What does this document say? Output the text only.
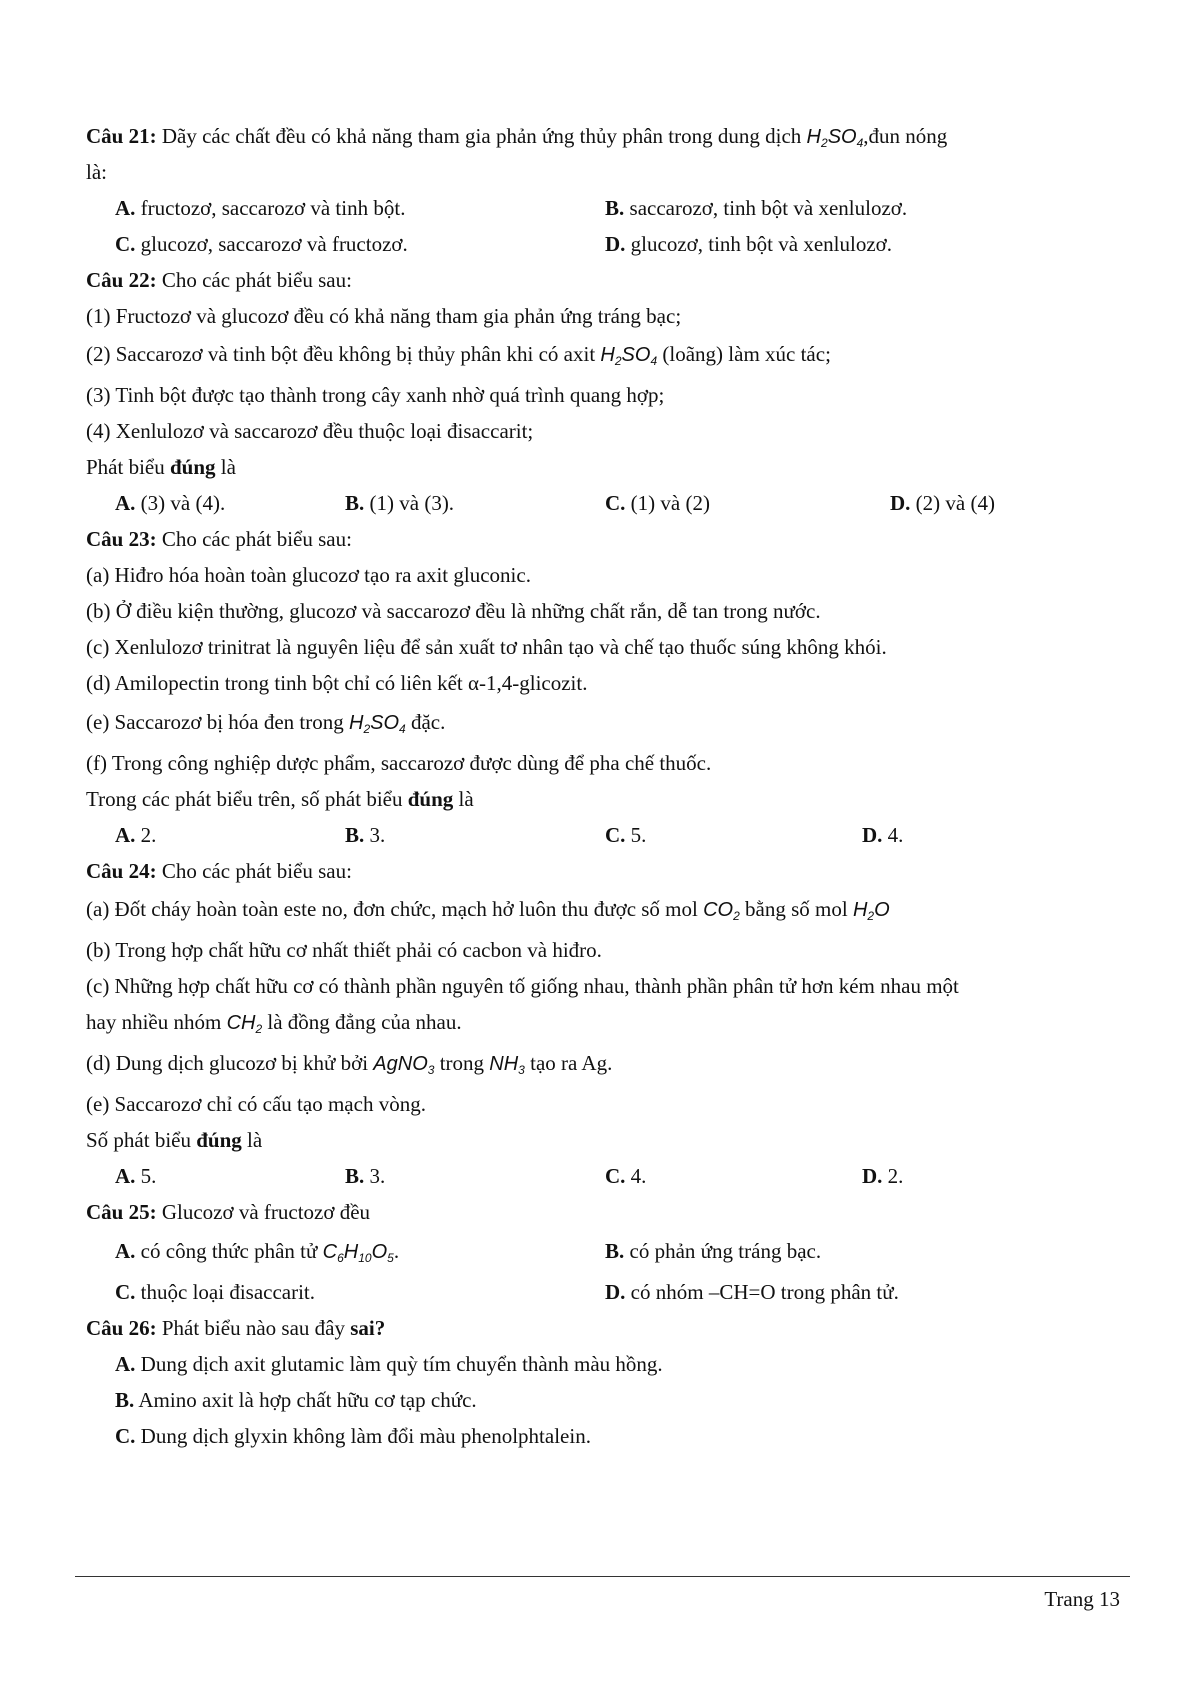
Câu 21: Dãy các chất đều có khả năng tham gia phản ứng thủy phân trong dung dịch $H_2SO_4,đun$ nóng
là:
A. fructozơ, saccarozơ và tinh bột.	B. saccarozơ, tinh bột và xenlulozơ.
C. glucozơ, saccarozơ và fructozơ.	D. glucozơ, tinh bột và xenlulozơ.
Câu 22: Cho các phát biểu sau:
(1) Fructozơ và glucozơ đều có khả năng tham gia phản ứng tráng bạc;
(2) Saccarozơ và tinh bột đều không bị thủy phân khi có axit $H_2SO_4$ (loãng) làm xúc tác;
(3) Tinh bột được tạo thành trong cây xanh nhờ quá trình quang hợp;
(4) Xenlulozơ và saccarozơ đều thuộc loại đisaccarit;
Phát biểu đúng là
A. (3) và (4).	B. (1) và (3).	C. (1) và (2)	D. (2) và (4)
Câu 23: Cho các phát biểu sau:
(a) Hiđro hóa hoàn toàn glucozơ tạo ra axit gluconic.
(b) Ở điều kiện thường, glucozơ và saccarozơ đều là những chất rắn, dễ tan trong nước.
(c) Xenlulozơ trinitrat là nguyên liệu để sản xuất tơ nhân tạo và chế tạo thuốc súng không khói.
(d) Amilopectin trong tinh bột chỉ có liên kết α-1,4-glicozit.
(e) Saccarozơ bị hóa đen trong $H_2SO_4$ đặc.
(f) Trong công nghiệp dược phẩm, saccarozơ được dùng để pha chế thuốc.
Trong các phát biểu trên, số phát biểu đúng là
A. 2.	B. 3.	C. 5.	D. 4.
Câu 24: Cho các phát biểu sau:
(a) Đốt cháy hoàn toàn este no, đơn chức, mạch hở luôn thu được số mol $CO_2$ bằng số mol $H_2O$
(b) Trong hợp chất hữu cơ nhất thiết phải có cacbon và hiđro.
(c) Những hợp chất hữu cơ có thành phần nguyên tố giống nhau, thành phần phân tử hơn kém nhau một
hay nhiều nhóm $CH_2$ là đồng đẳng của nhau.
(d) Dung dịch glucozơ bị khử bởi AgNO$_3$ trong $NH_3$ tạo ra Ag.
(e) Saccarozơ chỉ có cấu tạo mạch vòng.
Số phát biểu đúng là
A. 5.	B. 3.	C. 4.	D. 2.
Câu 25: Glucozơ và fructozơ đều
A. có công thức phân tử $C_6H_{10}O_5$.	B. có phản ứng tráng bạc.
C. thuộc loại đisaccarit.	D. có nhóm –CH=O trong phân tử.
Câu 26: Phát biểu nào sau đây sai?
A. Dung dịch axit glutamic làm quỳ tím chuyển thành màu hồng.
B. Amino axit là hợp chất hữu cơ tạp chức.
C. Dung dịch glyxin không làm đổi màu phenolphtalein.
Trang 13
